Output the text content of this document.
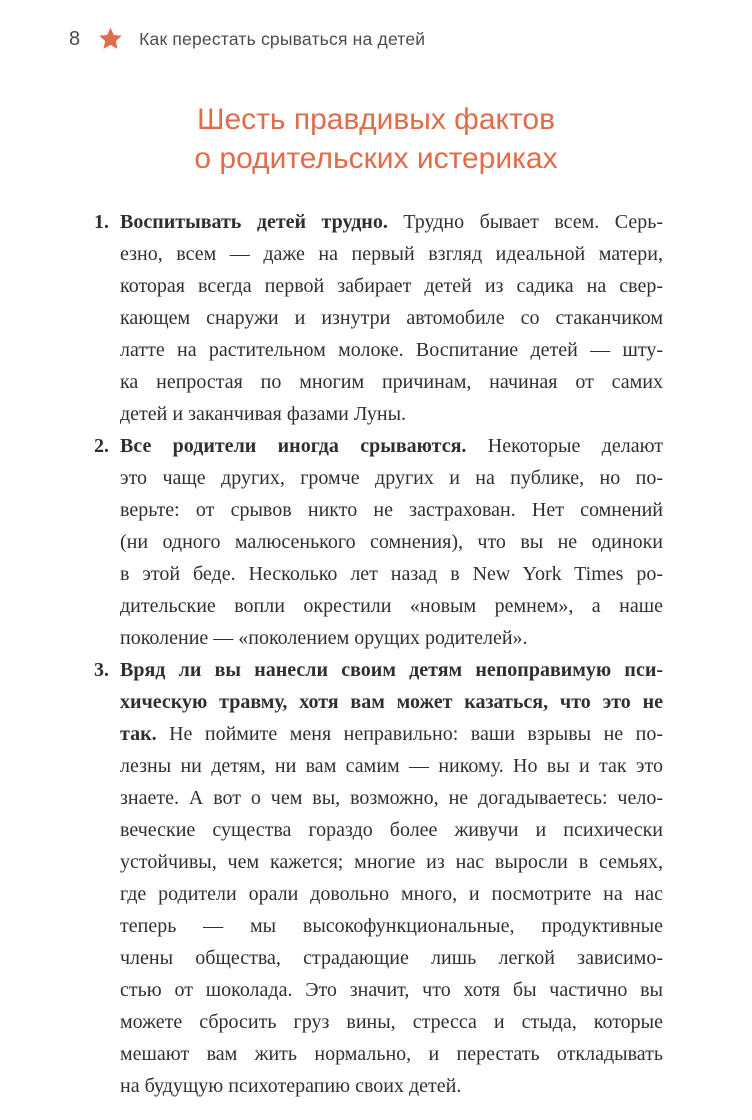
8	Как перестать срываться на детей
Шесть правдивых фактов
о родительских истериках
1. Воспитывать детей трудно. Трудно бывает всем. Серь-
езно, всем — даже на первый взгляд идеальной матери,
которая всегда первой забирает детей из садика на свер-
кающем снаружи и изнутри автомобиле со стаканчиком
латте на растительном молоке. Воспитание детей — шту-
ка непростая по многим причинам, начиная от самих
детей и заканчивая фазами Луны.
2. Все родители иногда срываются. Некоторые делают
это чаще других, громче других и на публике, но по-
верьте: от срывов никто не застрахован. Нет сомнений
(ни одного малюсенького сомнения), что вы не одиноки
в этой беде. Несколько лет назад в New York Times ро-
дительские вопли окрестили «новым ремнем», а наше
поколение — «поколением орущих родителей».
3. Вряд ли вы нанесли своим детям непоправимую пси-
хическую травму, хотя вам может казаться, что это не
так. Не поймите меня неправильно: ваши взрывы не по-
лезны ни детям, ни вам самим — никому. Но вы и так это
знаете. А вот о чем вы, возможно, не догадываетесь: чело-
веческие существа гораздо более живучи и психически
устойчивы, чем кажется; многие из нас выросли в семьях,
где родители орали довольно много, и посмотрите на нас
теперь — мы высокофункциональные, продуктивные
члены общества, страдающие лишь легкой зависимо-
стью от шоколада. Это значит, что хотя бы частично вы
можете сбросить груз вины, стресса и стыда, которые
мешают вам жить нормально, и перестать откладывать
на будущую психотерапию своих детей.
